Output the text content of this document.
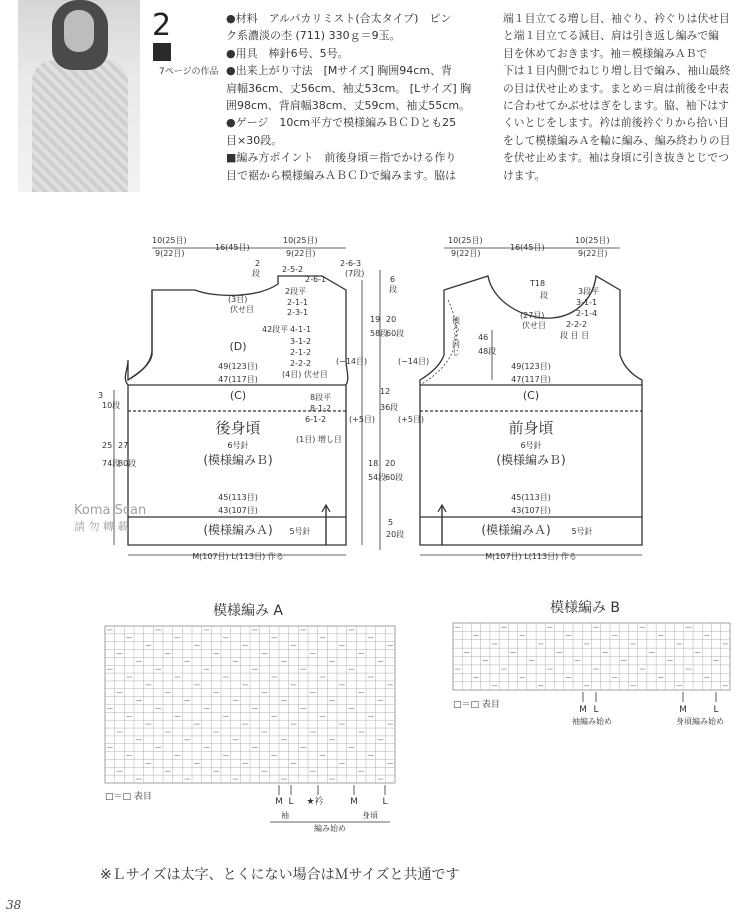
2
7ページの作品

●材料　アルパカリミスト(合太タイプ)　ピン

ク系濃淡の杢 (711) 330ｇ＝9玉。

●用具　棒針6号、5号。

●出来上がり寸法　[Mサイズ] 胸囲94cm、背

肩幅36cm、丈56cm、袖丈53cm。 [Lサイズ] 胸

囲98cm、背肩幅38cm、丈59cm、袖丈55cm。

●ゲージ　10cm平方で模様編みＢＣＤとも25

目×30段。

■編み方ポイント　前後身頃＝指でかける作り

目で裾から模様編みＡＢＣＤで編みます。脇は

端１目立てる増し目、袖ぐり、衿ぐりは伏せ目

と端１目立てる減目、肩は引き返し編みで編

目を休めておきます。袖＝模様編みＡＢで

下は１目内側でねじり増し目で編み、袖山最終

の目は伏せ止めます。まとめ＝肩は前後を中表

に合わせてかぶせはぎをします。脇、袖下はす

くいとじをします。衿は前後衿ぐりから拾い目

をして模様編みＡを輪に編み、編み終わりの目

を伏せ止めます。袖は身頃に引き抜きとじでつ

けます。

10(25目)
9(22目)
16(45目)
10(25目)
9(22目)
2
段	2-5-2
2-6-1
2-6-3
(7段)
6
段
(3目)
伏せ目
2段平
2-1-1
2-3-1
42段平 4-1-1
3-1-2
2-1-2
2-2-2
(4目) 伏せ目
(−14目)
19
58段
20
60段
12
36段
18
54段
20
60段
5
20段
8段平
8-1-2
6-1-2
(1目) 増し目
(+5目)
3
10段
25
74段
27
80段
(D)
(C)
49(123目)
47(117目)
後身頃
6号針
(模様編みＢ)
45(113目)
43(107目)
(模様編みＡ) 5号針
M(107目) L(113目) 作る
10(25目)
9(22目)
16(45目)
10(25目)
9(22目)
T18
段	3段平
3-1-1
2-1-4
(27目)
伏せ目	2-2-2
段 目 目
46
48段
(−14目)
(+5目)
後ろと同じ
(C)
49(123目)
47(117目)
前身頃
6号針
(模様編みＢ)
45(113目)
43(107目)
(模様編みＡ)	5号針
M(107目) L(113目) 作る
Koma Scan
請 勿 轉 載
模様編み A
□＝□ 表目	M L ★衿	M	L
袖	身頃
編み始め
模様編み B
□＝□ 表目	M L	M	L
袖編み始め	身頃編み始め
※Ｌサイズは太字、とくにない場合はＭサイズと共通です
38
